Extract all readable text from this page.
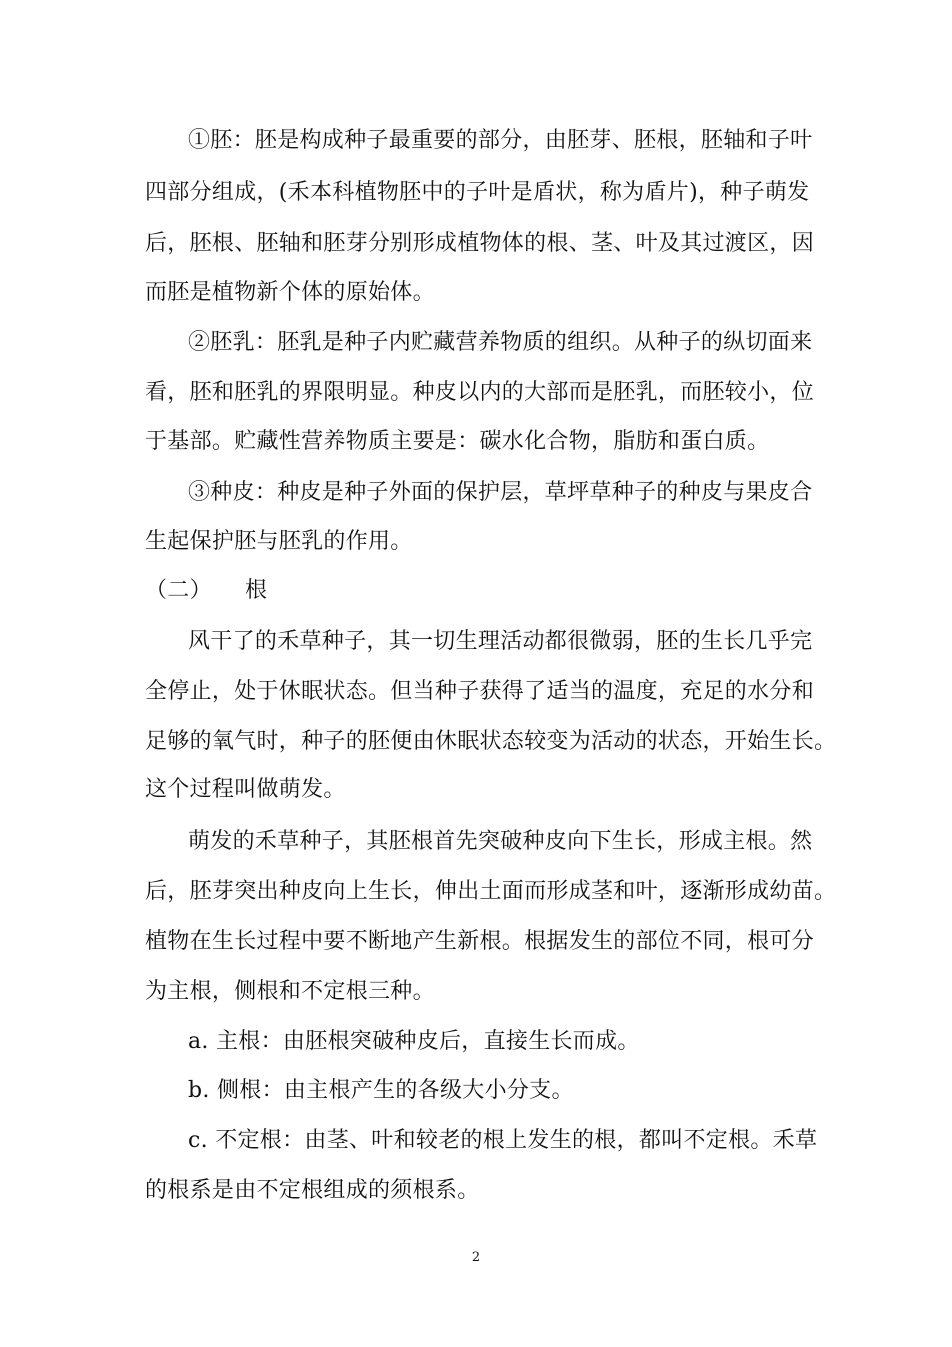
①胚：胚是构成种子最重要的部分，由胚芽、胚根，胚轴和子叶
四部分组成，(禾本科植物胚中的子叶是盾状，称为盾片)，种子萌发
后，胚根、胚轴和胚芽分别形成植物体的根、茎、叶及其过渡区，因
而胚是植物新个体的原始体。
②胚乳：胚乳是种子内贮藏营养物质的组织。从种子的纵切面来
看，胚和胚乳的界限明显。种皮以内的大部而是胚乳，而胚较小，位
于基部。贮藏性营养物质主要是：碳水化合物，脂肪和蛋白质。
③种皮：种皮是种子外面的保护层，草坪草种子的种皮与果皮合
生起保护胚与胚乳的作用。
（二） 根
风干了的禾草种子，其一切生理活动都很微弱，胚的生长几乎完
全停止，处于休眠状态。但当种子获得了适当的温度，充足的水分和
足够的氧气时，种子的胚便由休眠状态较变为活动的状态，开始生长。
这个过程叫做萌发。
萌发的禾草种子，其胚根首先突破种皮向下生长，形成主根。然
后，胚芽突出种皮向上生长，伸出土面而形成茎和叶，逐渐形成幼苗。
植物在生长过程中要不断地产生新根。根据发生的部位不同，根可分
为主根，侧根和不定根三种。
a. 主根：由胚根突破种皮后，直接生长而成。
b. 侧根：由主根产生的各级大小分支。
c. 不定根：由茎、叶和较老的根上发生的根，都叫不定根。禾草
的根系是由不定根组成的须根系。
2
